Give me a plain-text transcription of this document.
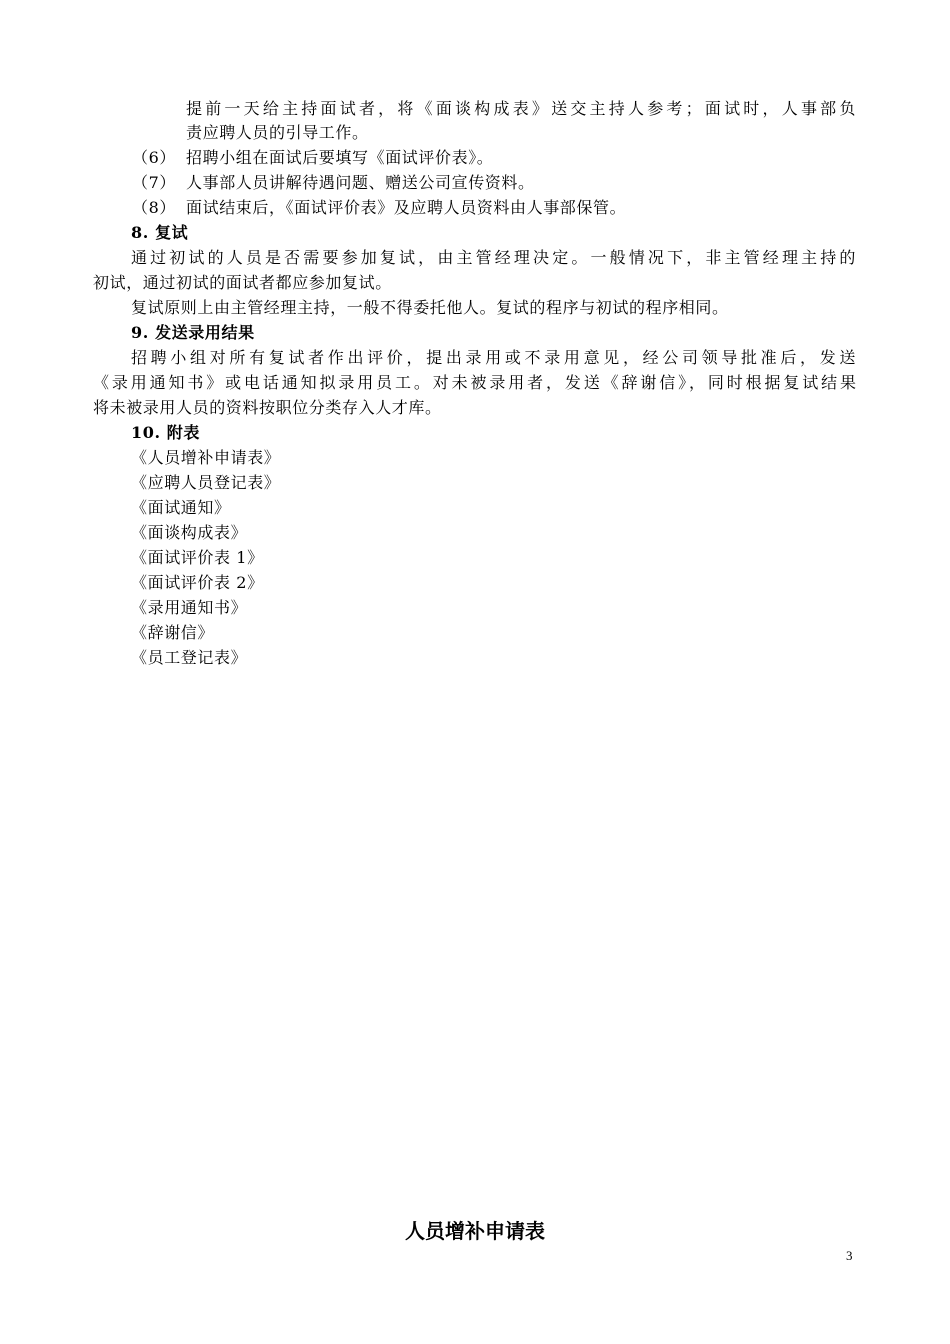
提前一天给主持面试者，将《面谈构成表》送交主持人参考；面试时，人事部负
责应聘人员的引导工作。
（6） 招聘小组在面试后要填写《面试评价表》。
（7） 人事部人员讲解待遇问题、赠送公司宣传资料。
（8） 面试结束后，《面试评价表》及应聘人员资料由人事部保管。
8. 复试
通过初试的人员是否需要参加复试，由主管经理决定。一般情况下，非主管经理主持的
初试，通过初试的面试者都应参加复试。
复试原则上由主管经理主持，一般不得委托他人。复试的程序与初试的程序相同。
9. 发送录用结果
招聘小组对所有复试者作出评价，提出录用或不录用意见，经公司领导批准后，发送
《录用通知书》或电话通知拟录用员工。对未被录用者，发送《辞谢信》，同时根据复试结果
将未被录用人员的资料按职位分类存入人才库。
10. 附表
《人员增补申请表》
《应聘人员登记表》
《面试通知》
《面谈构成表》
《面试评价表 1》
《面试评价表 2》
《录用通知书》
《辞谢信》
《员工登记表》
人员增补申请表
3
